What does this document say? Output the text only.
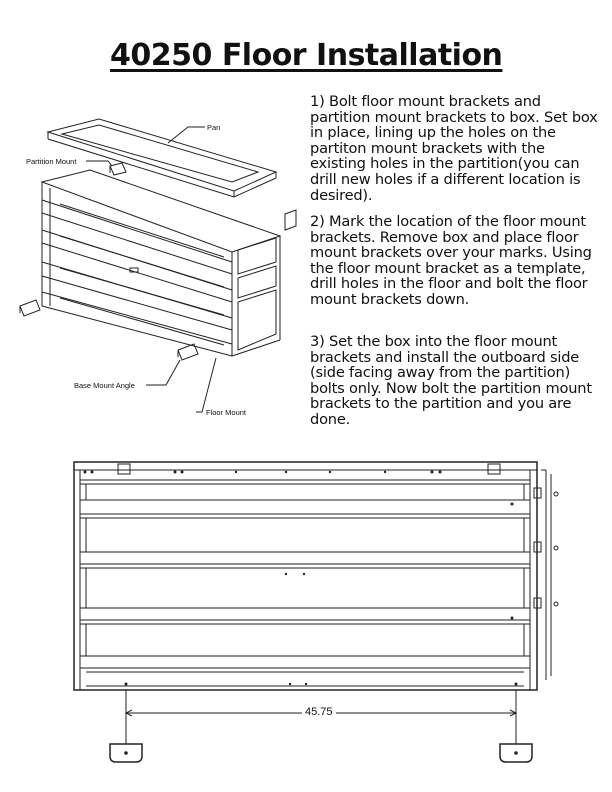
40250 Floor Installation
1) Bolt floor mount brackets and partition mount brackets to box. Set box in place, lining up the holes on the partiton mount brackets with the existing holes in the partition(you can drill new holes if a different location is desired).
2) Mark the location of the floor mount brackets. Remove box and place floor mount brackets over your marks. Using the floor mount bracket as a template, drill holes in the floor and bolt the floor mount brackets down.
3) Set the box into the floor mount brackets and install the outboard side (side facing away from the partition) bolts only. Now bolt the partition mount brackets to the partition and you are done.
Pan
Partition Mount
Base Mount Angle
Floor Mount
45.75
